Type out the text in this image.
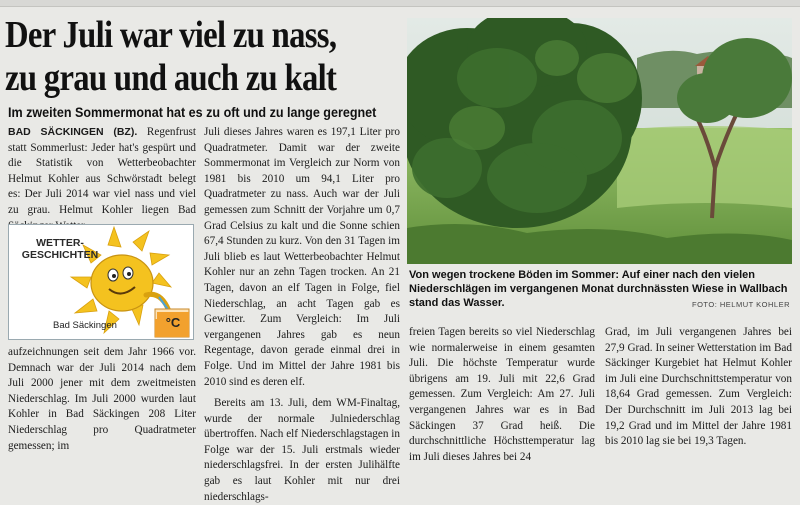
Der Juli war viel zu nass,
zu grau und auch zu kalt
Im zweiten Sommermonat hat es zu oft und zu lange geregnet

BAD SÄCKINGEN (BZ). Regenfrust statt Sommerlust: Jeder hat's gespürt und die Statistik von Wetterbeobachter Helmut Kohler aus Schwörstadt belegt es: Der Juli 2014 war viel nass und viel zu grau. Helmut Kohler liegen Bad

WETTER-
GESCHICHTEN
Bad Säckingen	°C

aufzeichnungen seit dem Jahr 1966 vor. Demnach war der Juli 2014 nach dem Juli 2000 jener mit dem zweitmeisten Niederschlag. Im Juli 2000 wurden laut Kohler in Bad Säckingen 208 Liter Niederschlag pro Quadratmeter gemessen; im

Juli dieses Jahres waren es 197,1 Liter pro Quadratmeter. Damit war der zweite Sommermonat im Vergleich zur Norm von 1981 bis 2010 um 94,1 Liter pro Quadratmeter zu nass. Auch war der Juli gemessen zum Schnitt der Vorjahre um 0,7 Grad Celsius zu kalt und die Sonne schien 67,4 Stunden zu kurz. Von den 31 Tagen im Juli blieb es laut Wetterbeobachter Helmut Kohler nur an zehn Tagen trocken. An 21 Tagen, davon an elf Tagen in Folge, fiel Niederschlag, an acht Tagen gab es Gewitter. Zum Vergleich: Im Juli vergangenen Jahres gab es neun Regentage, davon gerade einmal drei in Folge. Und im Mittel der Jahre 1981 bis 2010 sind es deren elf.

Bereits am 13. Juli, dem WM-Finaltag, wurde der normale Julniederschlag übertroffen. Nach elf Niederschlagstagen in Folge war der 15. Juli erstmals wieder niederschlagsfrei. In der ersten Julihälfte gab es laut Kohler mit nur drei niederschlags-

Von wegen trockene Böden im Sommer: Auf einer nach den vielen Niederschlägen im vergangenen Monat durchnässten Wiese in Wallbach stand das Wasser.	FOTO: HELMUT KOHLER

freien Tagen bereits so viel Niederschlag wie normalerweise in einem gesamten Juli. Die höchste Temperatur wurde übrigens am 19. Juli mit 22,6 Grad gemessen. Zum Vergleich: Am 27. Juli vergangenen Jahres war es in Bad Säckingen 37 Grad heiß. Die durchschnittliche Höchsttemperatur lag im Juli dieses Jahres bei 24

Grad, im Juli vergangenen Jahres bei 27,9 Grad. In seiner Wetterstation im Bad Säckinger Kurgebiet hat Helmut Kohler im Juli eine Durchschnittstemperatur von 18,64 Grad gemessen. Zum Vergleich: Der Durchschnitt im Juli 2013 lag bei 19,2 Grad und im Mittel der Jahre 1981 bis 2010 lag sie bei 19,3 Tagen.
